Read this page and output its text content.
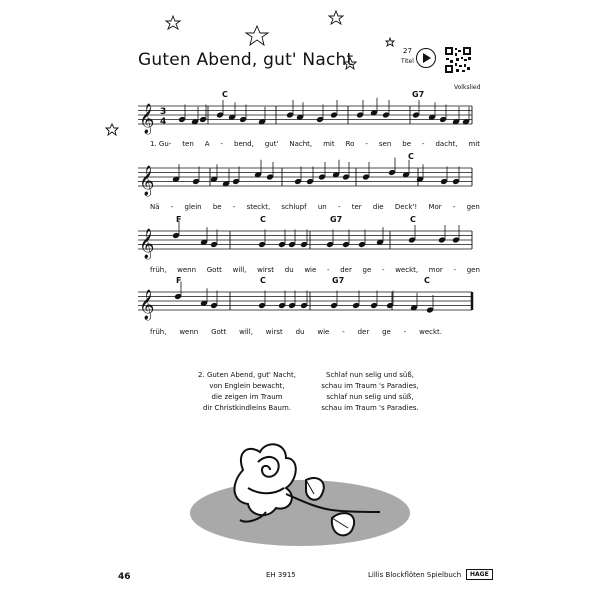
Guten Abend, gut' Nacht	27
Titel
Volkslied
𝄞 3
4
𝄞
𝄞
𝄞
C	G7
C
F	C	G7	C
F	C	G7	C
1. Gu- ten A - bend, gut' Nacht, mit Ro - sen be - dacht, mit
Nä - glein be - steckt, schlupf un - ter die Deck'! Mor - gen
früh, wenn Gott will, wirst du wie - der ge - weckt, mor - gen
früh, wenn Gott will, wirst du wie - der ge - weckt.
2. Guten Abend, gut' Nacht,
von Englein bewacht,
die zeigen im Traum
dir Christkindleins Baum.
Schlaf nun selig und süß,
schau im Traum 's Paradies,
schlaf nun selig und süß,
schau im Traum 's Paradies.
46	EH 3915	Lillis Blockflöten Spielbuch	HAGE
